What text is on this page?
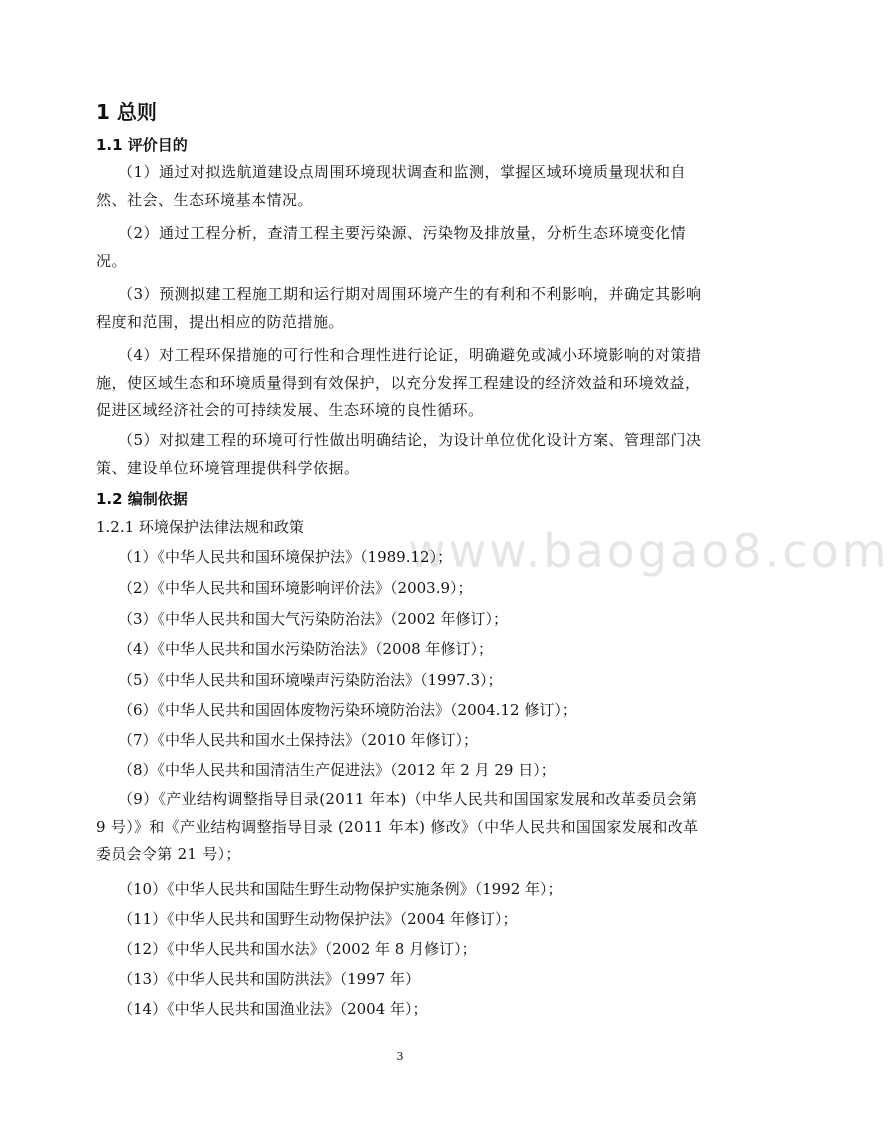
1 总则
1.1 评价目的

（1）通过对拟选航道建设点周围环境现状调查和监测，掌握区域环境质量现状和自然、社会、生态环境基本情况。

（2）通过工程分析，查清工程主要污染源、污染物及排放量，分析生态环境变化情况。

（3）预测拟建工程施工期和运行期对周围环境产生的有利和不利影响，并确定其影响程度和范围，提出相应的防范措施。

（4）对工程环保措施的可行性和合理性进行论证，明确避免或减小环境影响的对策措施，使区域生态和环境质量得到有效保护，以充分发挥工程建设的经济效益和环境效益，促进区域经济社会的可持续发展、生态环境的良性循环。

（5）对拟建工程的环境可行性做出明确结论，为设计单位优化设计方案、管理部门决策、建设单位环境管理提供科学依据。

1.2 编制依据

1.2.1 环境保护法律法规和政策 www.baogao8.com

（1）《中华人民共和国环境保护法》（1989.12）；

（2）《中华人民共和国环境影响评价法》（2003.9）；

（3）《中华人民共和国大气污染防治法》（2002 年修订）；

（4）《中华人民共和国水污染防治法》（2008 年修订）；

（5）《中华人民共和国环境噪声污染防治法》（1997.3）；

（6）《中华人民共和国固体废物污染环境防治法》（2004.12 修订）；

（7）《中华人民共和国水土保持法》（2010 年修订）；

（8）《中华人民共和国清洁生产促进法》（2012 年 2 月 29 日）；

（9）《产业结构调整指导目录(2011 年本)（中华人民共和国国家发展和改革委员会第 9 号）》和《产业结构调整指导目录 (2011 年本) 修改》（中华人民共和国国家发展和改革委员会令第 21 号）；

（10）《中华人民共和国陆生野生动物保护实施条例》（1992 年）；

（11）《中华人民共和国野生动物保护法》（2004 年修订）；

（12）《中华人民共和国水法》（2002 年 8 月修订）；

（13）《中华人民共和国防洪法》（1997 年）

（14）《中华人民共和国渔业法》（2004 年）；

3
